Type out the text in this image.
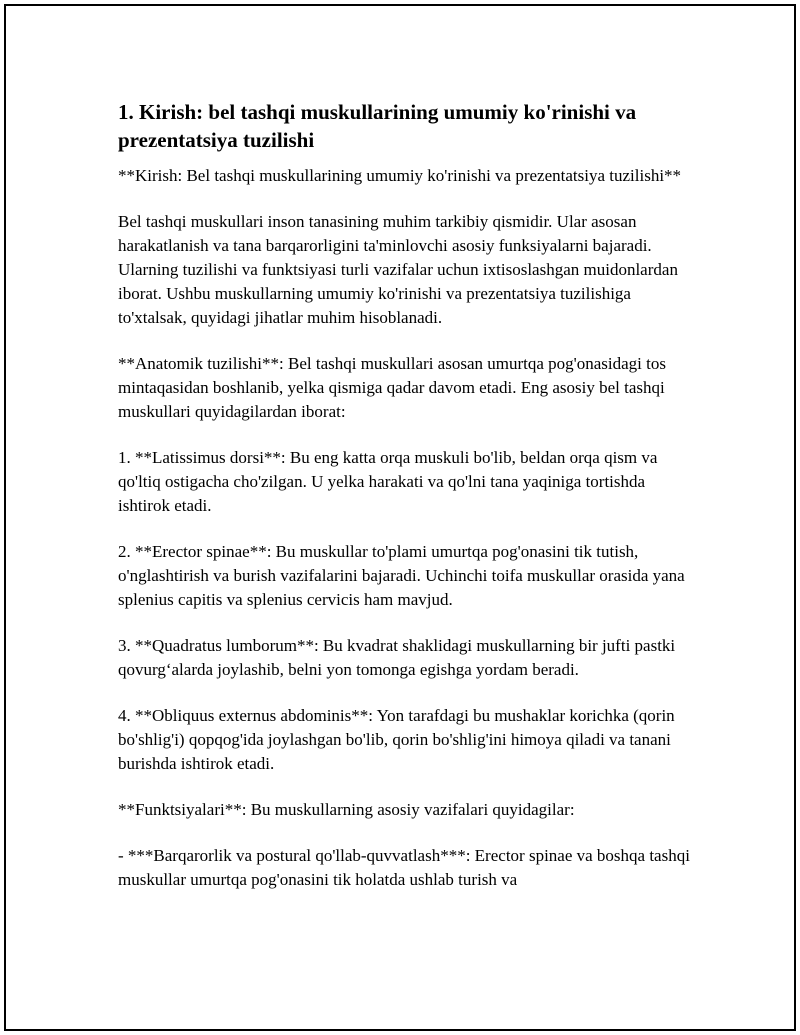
1. Kirish: bel tashqi muskullarining umumiy ko'rinishi va prezentatsiya tuzilishi

**Kirish: Bel tashqi muskullarining umumiy ko'rinishi va prezentatsiya tuzilishi**

Bel tashqi muskullari inson tanasining muhim tarkibiy qismidir. Ular asosan harakatlanish va tana barqarorligini ta'minlovchi asosiy funksiyalarni bajaradi. Ularning tuzilishi va funktsiyasi turli vazifalar uchun ixtisoslashgan muidonlardan iborat. Ushbu muskullarning umumiy ko'rinishi va prezentatsiya tuzilishiga to'xtalsak, quyidagi jihatlar muhim hisoblanadi.

**Anatomik tuzilishi**: Bel tashqi muskullari asosan umurtqa pog'onasidagi tos mintaqasidan boshlanib, yelka qismiga qadar davom etadi. Eng asosiy bel tashqi muskullari quyidagilardan iborat:

1. **Latissimus dorsi**: Bu eng katta orqa muskuli bo'lib, beldan orqa qism va qo'ltiq ostigacha cho'zilgan. U yelka harakati va qo'lni tana yaqiniga tortishda ishtirok etadi.

2. **Erector spinae**: Bu muskullar to'plami umurtqa pog'onasini tik tutish, o'nglashtirish va burish vazifalarini bajaradi. Uchinchi toifa muskullar orasida yana splenius capitis va splenius cervicis ham mavjud.

3. **Quadratus lumborum**: Bu kvadrat shaklidagi muskullarning bir jufti pastki qovurg‘alarda joylashib, belni yon tomonga egishga yordam beradi.

4. **Obliquus externus abdominis**: Yon tarafdagi bu mushaklar korichka (qorin bo'shlig'i) qopqog'ida joylashgan bo'lib, qorin bo'shlig'ini himoya qiladi va tanani burishda ishtirok etadi.

**Funktsiyalari**: Bu muskullarning asosiy vazifalari quyidagilar:

- ***Barqarorlik va postural qo'llab-quvvatlash***: Erector spinae va boshqa tashqi muskullar umurtqa pog'onasini tik holatda ushlab turish va
